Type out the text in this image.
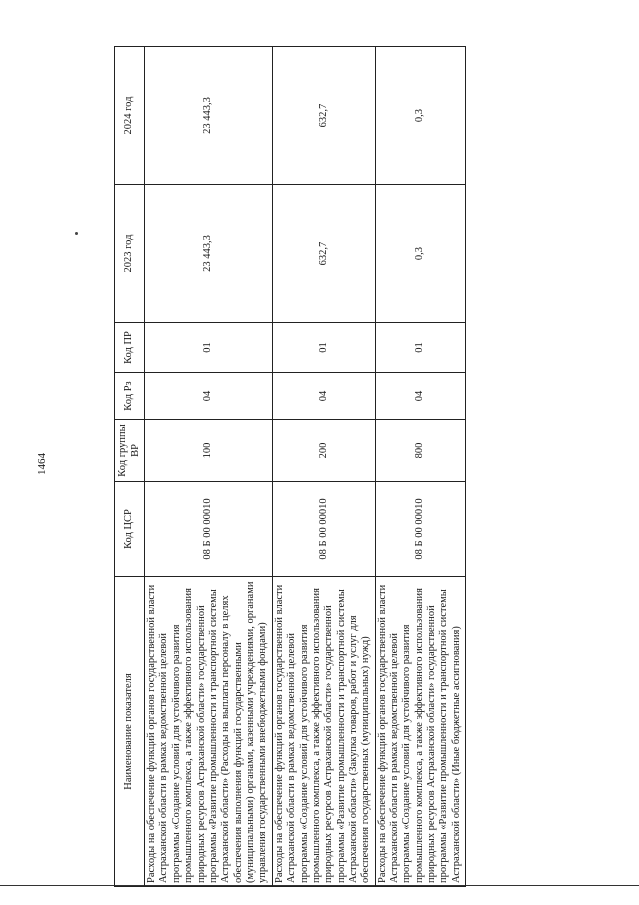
1464
Наименование показателя	Код ЦСР	Код группы ВР	Код Рз	Код ПР	2023 год	2024 год
Расходы на обеспечение функций органов государственной власти Астраханской области в рамках ведомственной целевой программы «Создание условий для устойчивого развития промышленного комплекса, а также эффективного использования природных ресурсов Астраханской области» государственной программы «Развитие промышленности и транспортной системы Астраханской области» (Расходы на выплаты персоналу в целях обеспечения выполнения функций государственными (муниципальными) органами, казенными учреждениями, органами управления государственными внебюджетными фондами)	08 Б 00 00010	100	04	01	23 443,3	23 443,3
Расходы на обеспечение функций органов государственной власти Астраханской области в рамках ведомственной целевой программы «Создание условий для устойчивого развития промышленного комплекса, а также эффективного использования природных ресурсов Астраханской области» государственной программы «Развитие промышленности и транспортной системы Астраханской области» (Закупка товаров, работ и услуг для обеспечения государственных (муниципальных) нужд)	08 Б 00 00010	200	04	01	632,7	632,7
Расходы на обеспечение функций органов государственной власти Астраханской области в рамках ведомственной целевой программы «Создание условий для устойчивого развития промышленного комплекса, а также эффективного использования природных ресурсов Астраханской области» государственной программы «Развитие промышленности и транспортной системы Астраханской области» (Иные бюджетные ассигнования)	08 Б 00 00010	800	04	01	0,3	0,3
